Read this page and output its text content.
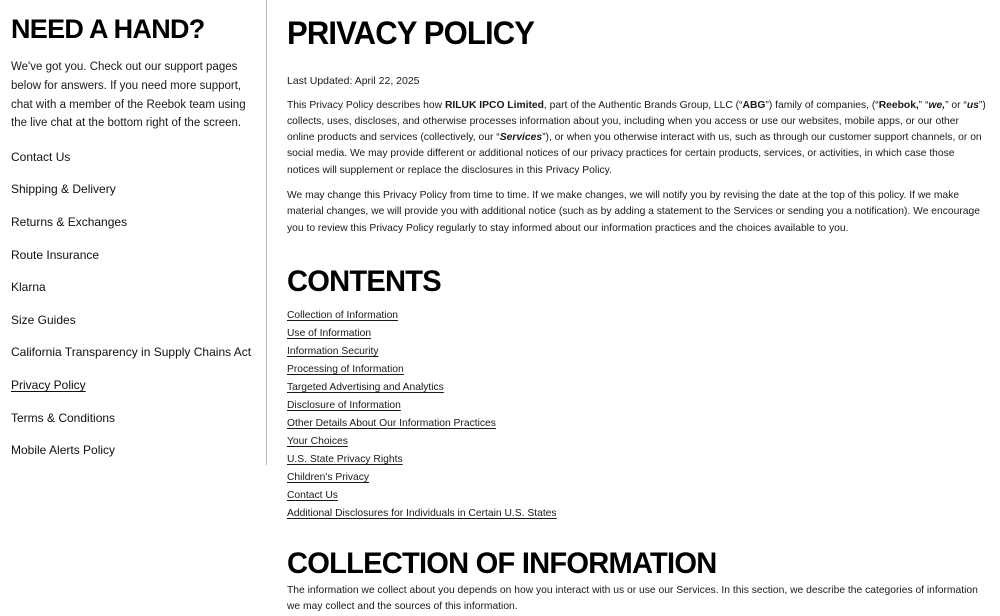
NEED A HAND?

We've got you. Check out our support pages below for answers. If you need more support, chat with a member of the Reebok team using the live chat at the bottom right of the screen.

Contact Us
Shipping & Delivery
Returns & Exchanges
Route Insurance
Klarna
Size Guides
California Transparency in Supply Chains Act
Privacy Policy
Terms & Conditions
Mobile Alerts Policy
PRIVACY POLICY

Last Updated: April 22, 2025

This Privacy Policy describes how RILUK IPCO Limited, part of the Authentic Brands Group, LLC (“ABG”) family of companies, (“Reebok,” “we,” or “us”) collects, uses, discloses, and otherwise processes information about you, including when you access or use our websites, mobile apps, or our other online products and services (collectively, our “Services”), or when you otherwise interact with us, such as through our customer support channels, or on social media. We may provide different or additional notices of our privacy practices for certain products, services, or activities, in which case those notices will supplement or replace the disclosures in this Privacy Policy.

We may change this Privacy Policy from time to time. If we make changes, we will notify you by revising the date at the top of this policy. If we make material changes, we will provide you with additional notice (such as by adding a statement to the Services or sending you a notification). We encourage you to review this Privacy Policy regularly to stay informed about our information practices and the choices available to you.

CONTENTS
Collection of Information
Use of Information
Information Security
Processing of Information
Targeted Advertising and Analytics
Disclosure of Information
Other Details About Our Information Practices
Your Choices
U.S. State Privacy Rights
Children's Privacy
Contact Us
Additional Disclosures for Individuals in Certain U.S. States
COLLECTION OF INFORMATION

The information we collect about you depends on how you interact with us or use our Services. In this section, we describe the categories of information we may collect and the sources of this information.
